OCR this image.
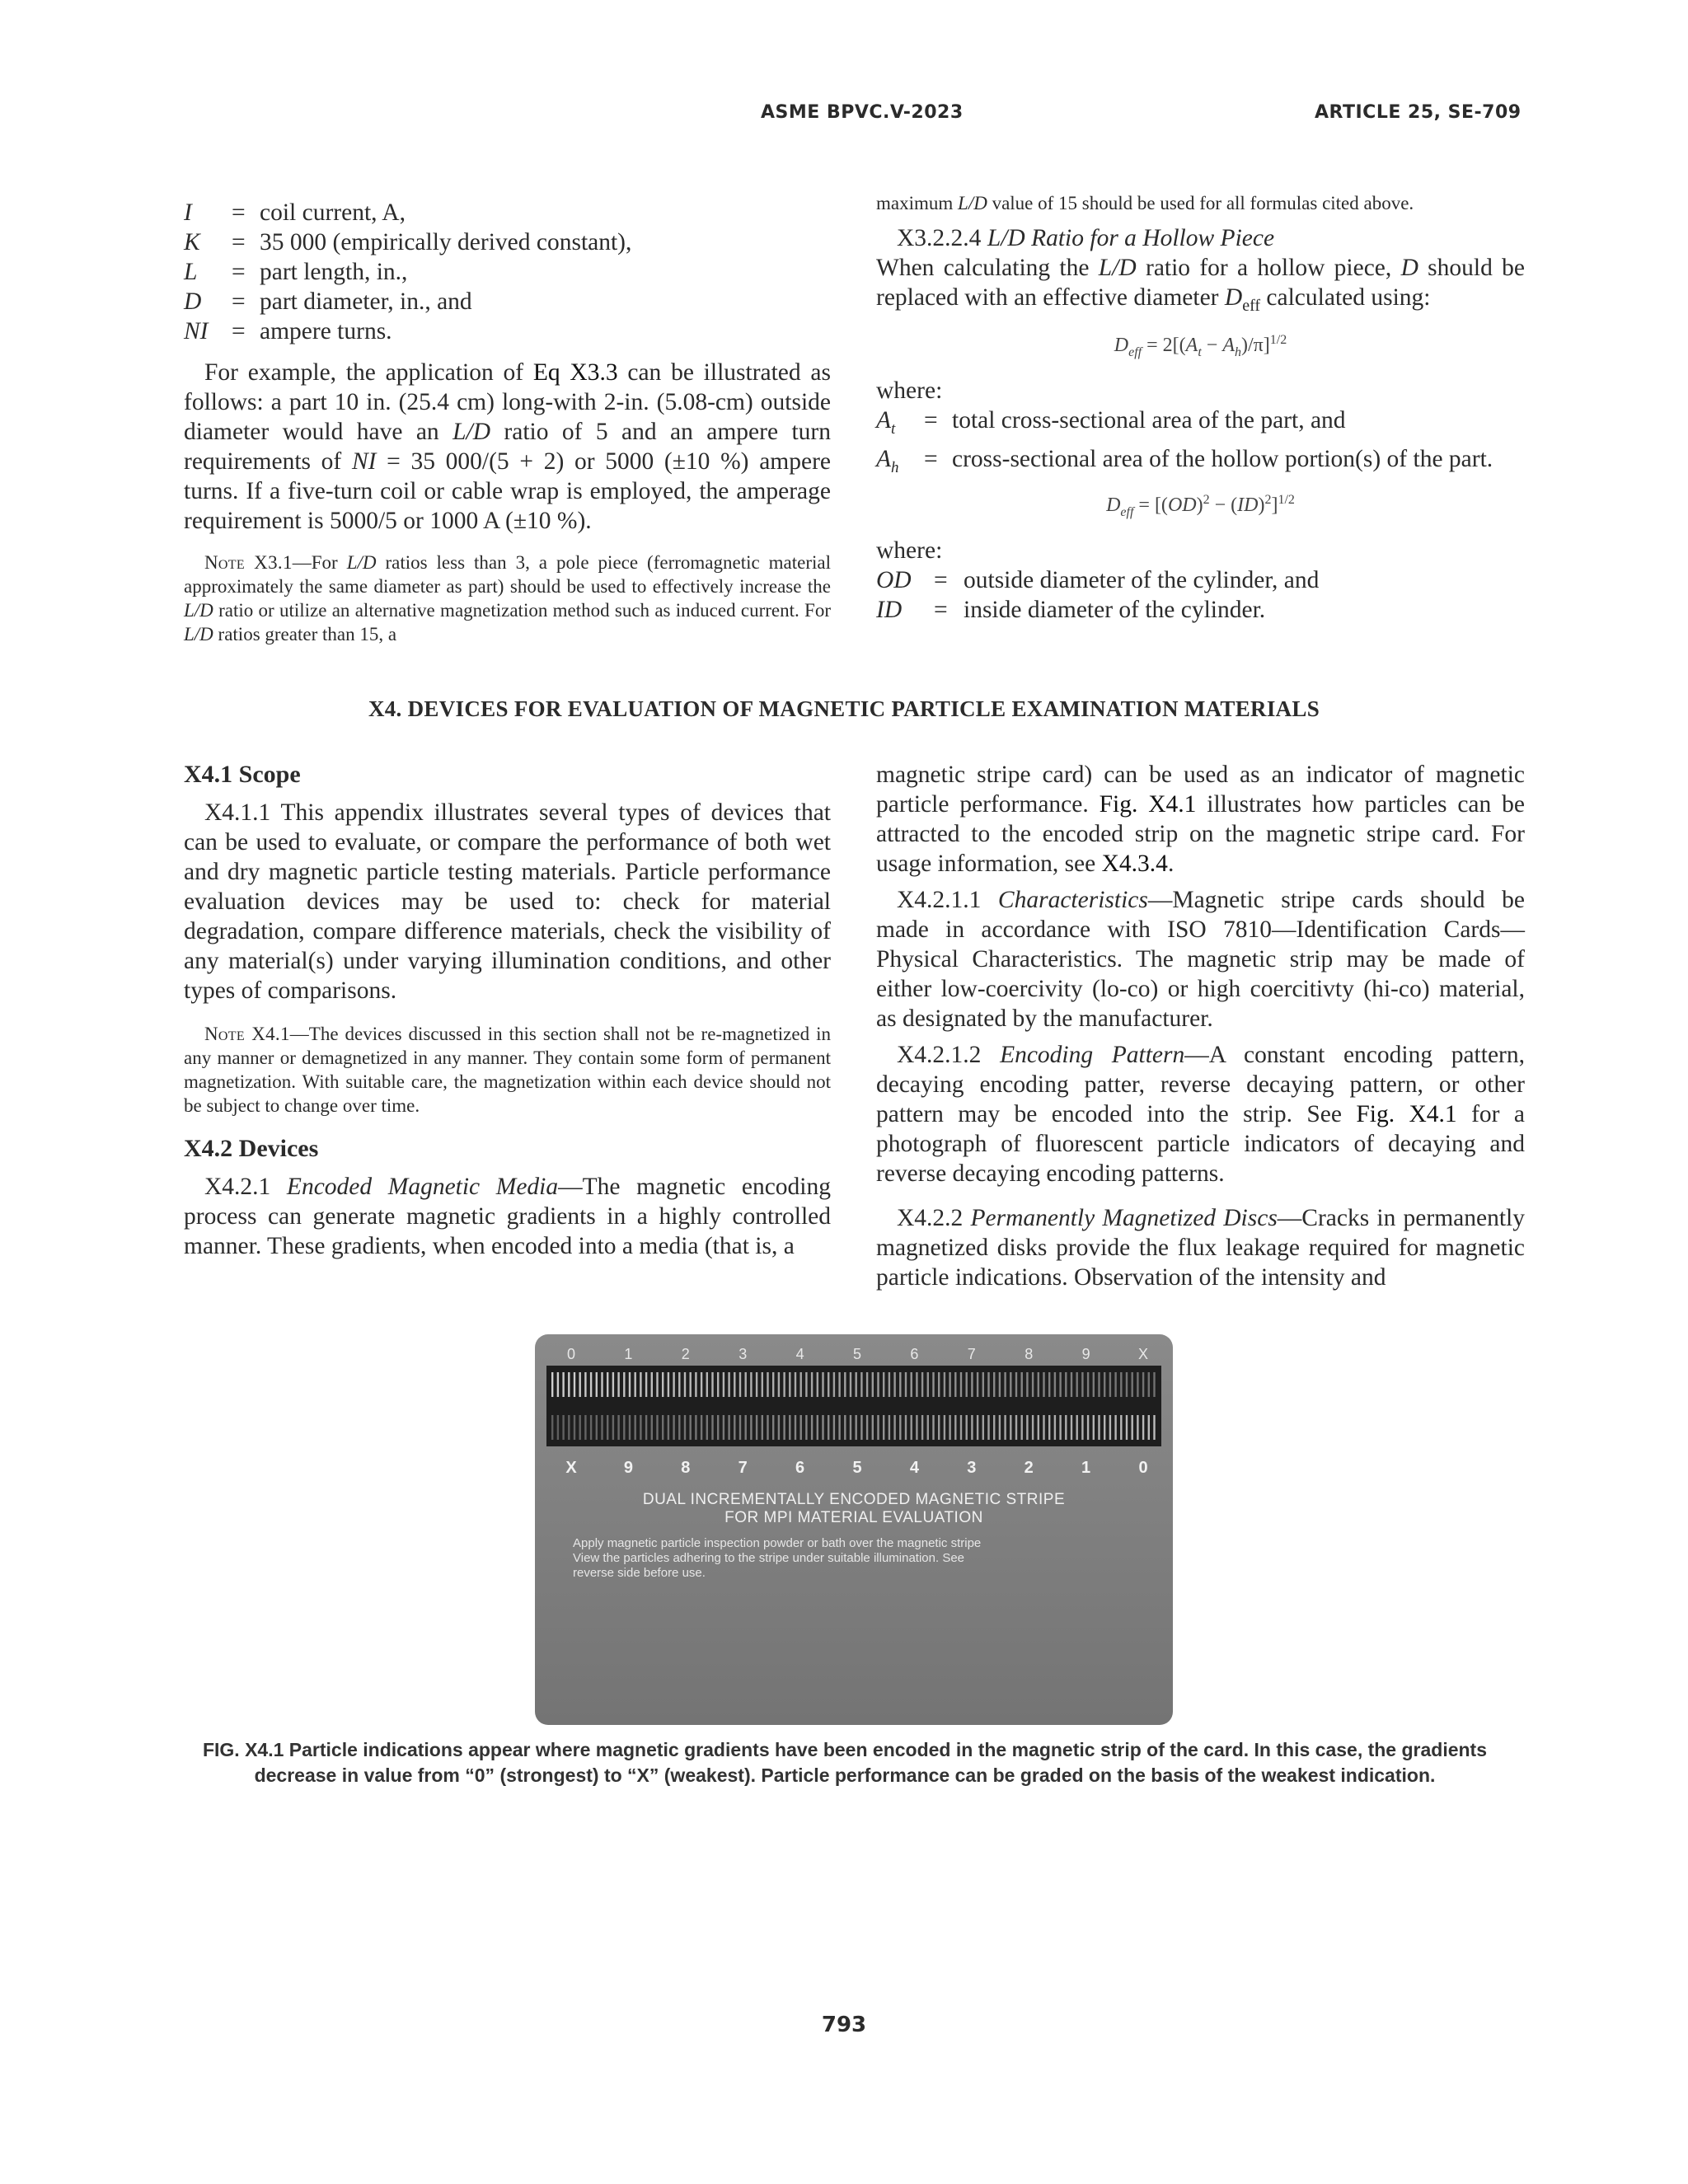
ASME BPVC.V-2023	ARTICLE 25, SE-709
I	= coil current, A,
K	= 35 000 (empirically derived constant),
L	= part length, in.,
D	= part diameter, in., and
NI = ampere turns.

For example, the application of Eq X3.3 can be illustrated as follows: a part 10 in. (25.4 cm) long-with 2-in. (5.08-cm) outside diameter would have an L/D ratio of 5 and an ampere turn requirements of NI = 35 000/(5 + 2) or 5000 (±10 %) ampere turns. If a five-turn coil or cable wrap is employed, the amperage requirement is 5000/5 or 1000 A (±10 %).

Note X3.1—For L/D ratios less than 3, a pole piece (ferromagnetic material approximately the same diameter as part) should be used to effectively increase the L/D ratio or utilize an alternative magnetization method such as induced current. For L/D ratios greater than 15, a

maximum L/D value of 15 should be used for all formulas cited above.

X3.2.2.4 L/D Ratio for a Hollow Piece

When calculating the L/D ratio for a hollow piece, D should be replaced with an effective diameter $D_{eff}$ calculated using:

$D_{eff} = 2[(A_t - A_h)/\pi]^{1/2}$

where:

$A_t$	= total cross-sectional area of the part, and
$A_h$	= cross-sectional area of the hollow portion(s) of the part.
$D_{eff} = [(OD)^2 - (ID)^2]^{1/2}$

where:

OD = outside diameter of the cylinder, and
ID	= inside diameter of the cylinder.
X4. DEVICES FOR EVALUATION OF MAGNETIC PARTICLE EXAMINATION MATERIALS

X4.1 Scope

X4.1.1 This appendix illustrates several types of devices that can be used to evaluate, or compare the performance of both wet and dry magnetic particle testing materials. Particle performance evaluation devices may be used to: check for material degradation, compare difference materials, check the visibility of any material(s) under varying illumination conditions, and other types of comparisons.

Note X4.1—The devices discussed in this section shall not be re-magnetized in any manner or demagnetized in any manner. They contain some form of permanent magnetization. With suitable care, the magnetization within each device should not be subject to change over time.

X4.2 Devices

X4.2.1 Encoded Magnetic Media—The magnetic encoding process can generate magnetic gradients in a highly controlled manner. These gradients, when encoded into a media (that is, a

magnetic stripe card) can be used as an indicator of magnetic particle performance. Fig. X4.1 illustrates how particles can be attracted to the encoded strip on the magnetic stripe card. For usage information, see X4.3.4.

X4.2.1.1 Characteristics—Magnetic stripe cards should be made in accordance with ISO 7810—Identification Cards—Physical Characteristics. The magnetic strip may be made of either low-coercivity (lo-co) or high coercitivty (hi-co) material, as designated by the manufacturer.

X4.2.1.2 Encoding Pattern—A constant encoding pattern, decaying encoding patter, reverse decaying pattern, or other pattern may be encoded into the strip. See Fig. X4.1 for a photograph of fluorescent particle indicators of decaying and reverse decaying encoding patterns.

X4.2.2 Permanently Magnetized Discs—Cracks in permanently magnetized disks provide the flux leakage required for magnetic particle indications. Observation of the intensity and

0	1	2	3	4	5	6	7	8	9	X
X	9	8	7	6	5	4	3	2	1	0
DUAL INCREMENTALLY ENCODED MAGNETIC STRIPE
FOR MPI MATERIAL EVALUATION
Apply magnetic particle inspection powder or bath over the magnetic stripe
View the particles adhering to the stripe under suitable illumination. See
reverse side before use.
FIG. X4.1 Particle indications appear where magnetic gradients have been encoded in the magnetic strip of the card. In this case, the gradients decrease in value from “0” (strongest) to “X” (weakest). Particle performance can be graded on the basis of the weakest indication.
793
